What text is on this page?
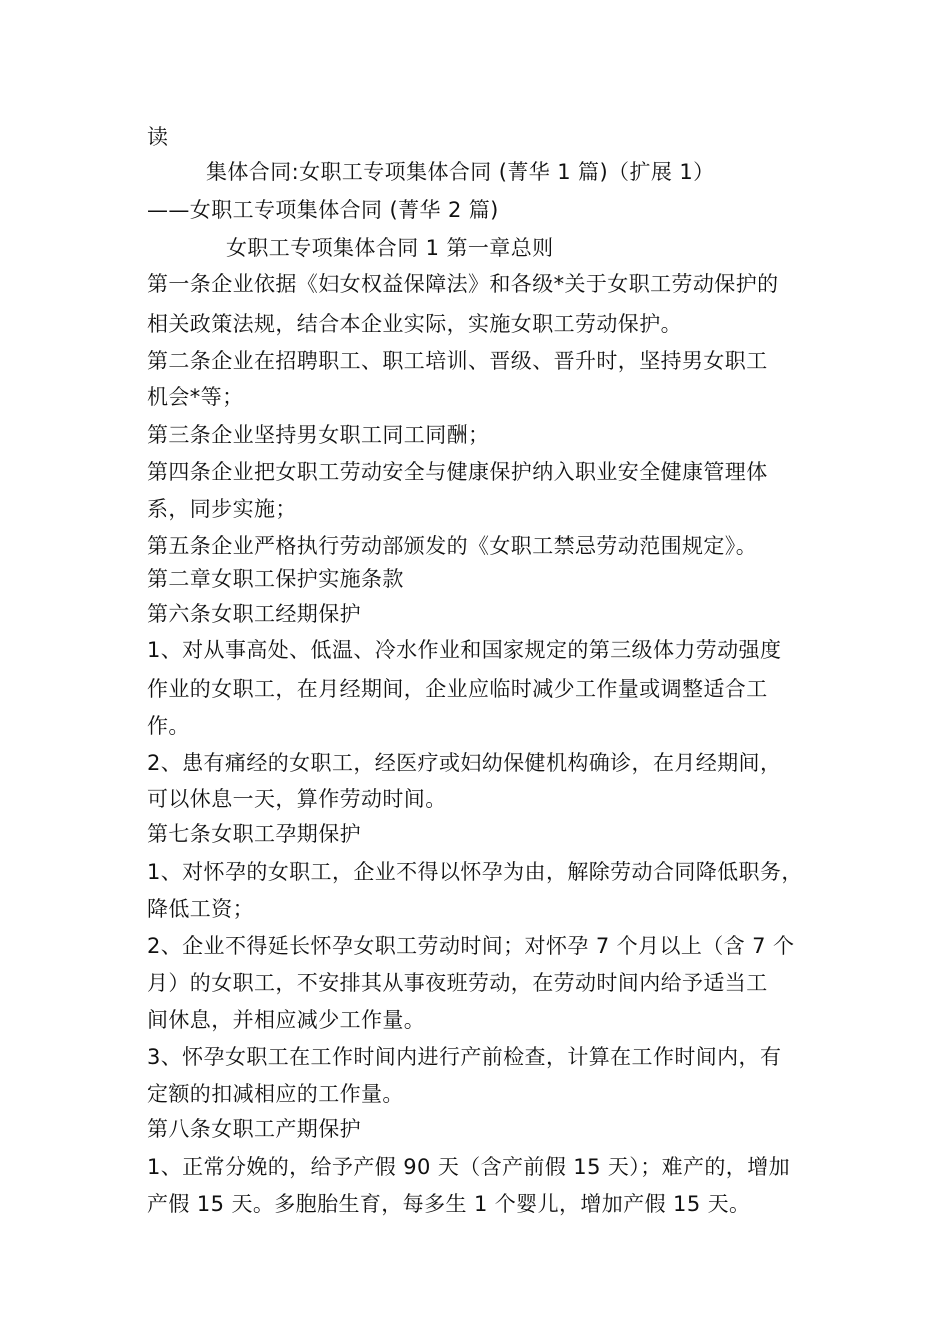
读
集体合同:女职工专项集体合同 (菁华 1 篇)（扩展 1）
——女职工专项集体合同 (菁华 2 篇)
女职工专项集体合同 1 第一章总则
第一条企业依据《妇女权益保障法》和各级*关于女职工劳动保护的
相关政策法规，结合本企业实际，实施女职工劳动保护。
第二条企业在招聘职工、职工培训、晋级、晋升时，坚持男女职工
机会*等；
第三条企业坚持男女职工同工同酬；
第四条企业把女职工劳动安全与健康保护纳入职业安全健康管理体
系，同步实施；
第五条企业严格执行劳动部颁发的《女职工禁忌劳动范围规定》。
第二章女职工保护实施条款
第六条女职工经期保护
1、对从事高处、低温、冷水作业和国家规定的第三级体力劳动强度
作业的女职工，在月经期间，企业应临时减少工作量或调整适合工
作。
2、患有痛经的女职工，经医疗或妇幼保健机构确诊，在月经期间，
可以休息一天，算作劳动时间。
第七条女职工孕期保护
1、对怀孕的女职工，企业不得以怀孕为由，解除劳动合同降低职务，
降低工资；
2、企业不得延长怀孕女职工劳动时间；对怀孕 7 个月以上（含 7 个
月）的女职工，不安排其从事夜班劳动，在劳动时间内给予适当工
间休息，并相应减少工作量。
3、怀孕女职工在工作时间内进行产前检查，计算在工作时间内，有
定额的扣减相应的工作量。
第八条女职工产期保护
1、正常分娩的，给予产假 90 天（含产前假 15 天）；难产的，增加
产假 15 天。多胞胎生育，每多生 1 个婴儿，增加产假 15 天。
